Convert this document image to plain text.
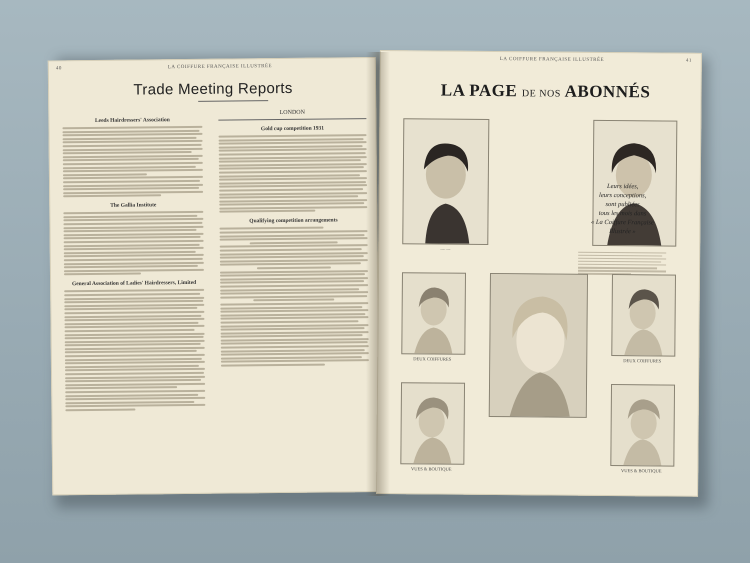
40	LA COIFFURE FRANÇAISE ILLUSTRÉE
Trade Meeting Reports
Leeds Hairdressers' Association
The Gallia Institute
General Association of Ladies' Hairdressers, Limited
LONDON
Gold cup competition 1931
Qualifying competition arrangements
LA COIFFURE FRANÇAISE ILLUSTRÉE	41
LA PAGE DE NOS ABONNÉS
— —
Leurs idées,
leurs conceptions,
sont publiées
tous les mois dans
« La Coiffure Française
Illustrée »
DEUX COIFFURES	DEUX COIFFURES
VUES & BOUTIQUE	VUES & BOUTIQUE
